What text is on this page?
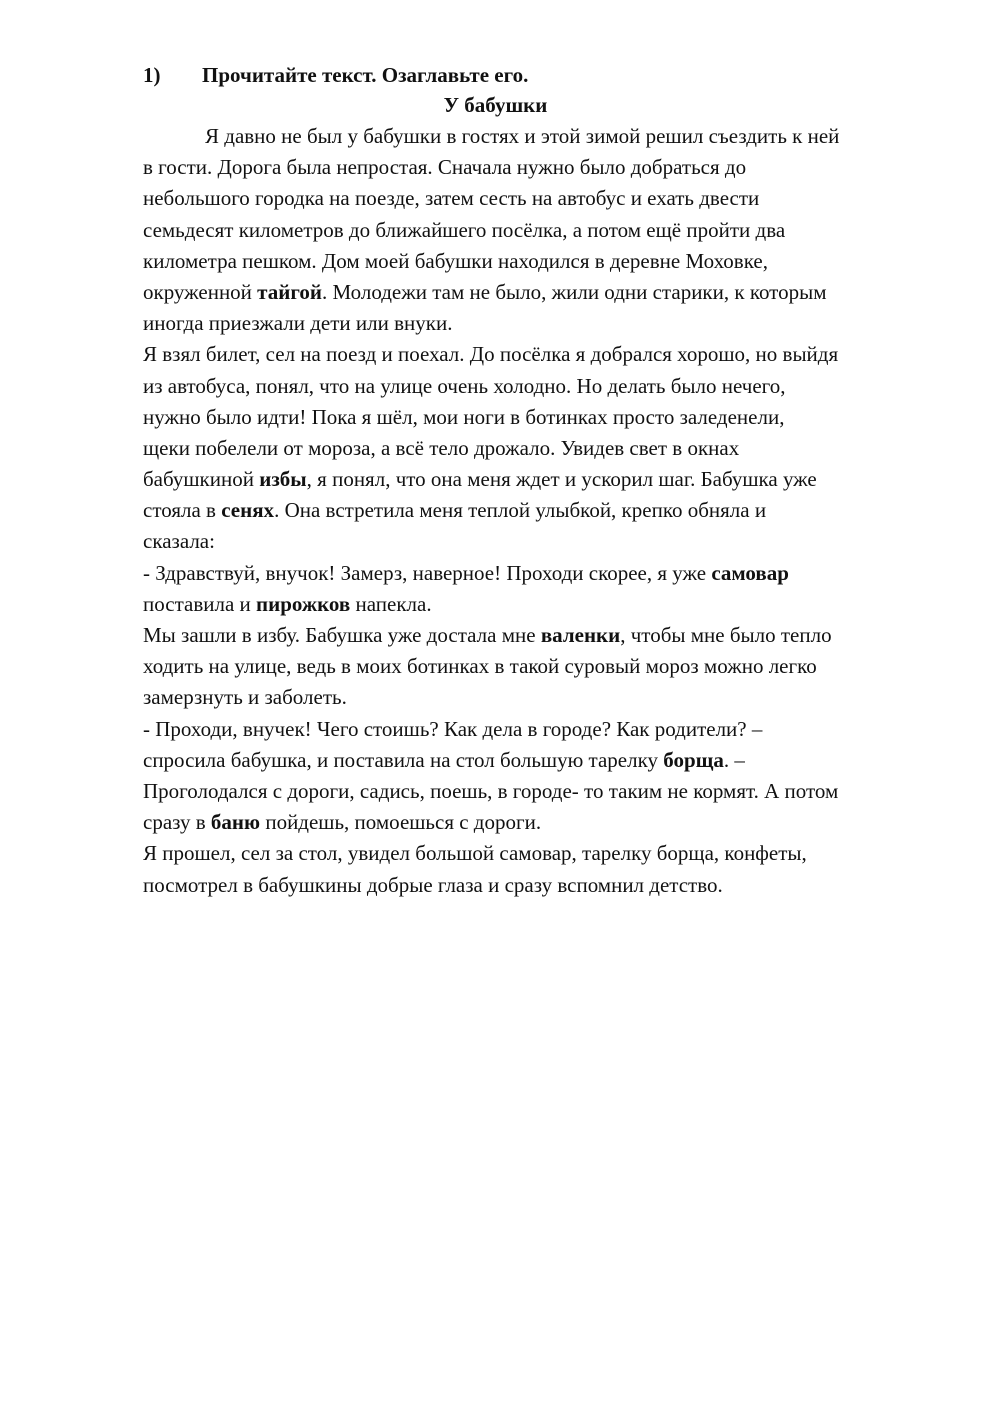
1) Прочитайте текст. Озаглавьте его.
У бабушки
Я давно не был у бабушки в гостях и этой зимой решил съездить к ней
в гости. Дорога была непростая. Сначала нужно было добраться до
небольшого городка на поезде, затем сесть на автобус и ехать двести
семьдесят километров до ближайшего посёлка, а потом ещё пройти два
километра пешком. Дом моей бабушки находился в деревне Моховке,
окруженной тайгой. Молодежи там не было, жили одни старики, к которым
иногда приезжали дети или внуки.
Я взял билет, сел на поезд и поехал. До посёлка я добрался хорошо, но выйдя
из автобуса, понял, что на улице очень холодно. Но делать было нечего,
нужно было идти! Пока я шёл, мои ноги в ботинках просто заледенели,
щеки побелели от мороза, а всё тело дрожало. Увидев свет в окнах
бабушкиной избы, я понял, что она меня ждет и ускорил шаг. Бабушка уже
стояла в сенях. Она встретила меня теплой улыбкой, крепко обняла и
сказала:
- Здравствуй, внучок! Замерз, наверное! Проходи скорее, я уже самовар
поставила и пирожков напекла.
Мы зашли в избу. Бабушка уже достала мне валенки, чтобы мне было тепло
ходить на улице, ведь в моих ботинках в такой суровый мороз можно легко
замерзнуть и заболеть.
- Проходи, внучек! Чего стоишь? Как дела в городе? Как родители? –
спросила бабушка, и поставила на стол большую тарелку борща. –
Проголодался с дороги, садись, поешь, в городе- то таким не кормят. А потом
сразу в баню пойдешь, помоешься с дороги.
Я прошел, сел за стол, увидел большой самовар, тарелку борща, конфеты,
посмотрел в бабушкины добрые глаза и сразу вспомнил детство.
